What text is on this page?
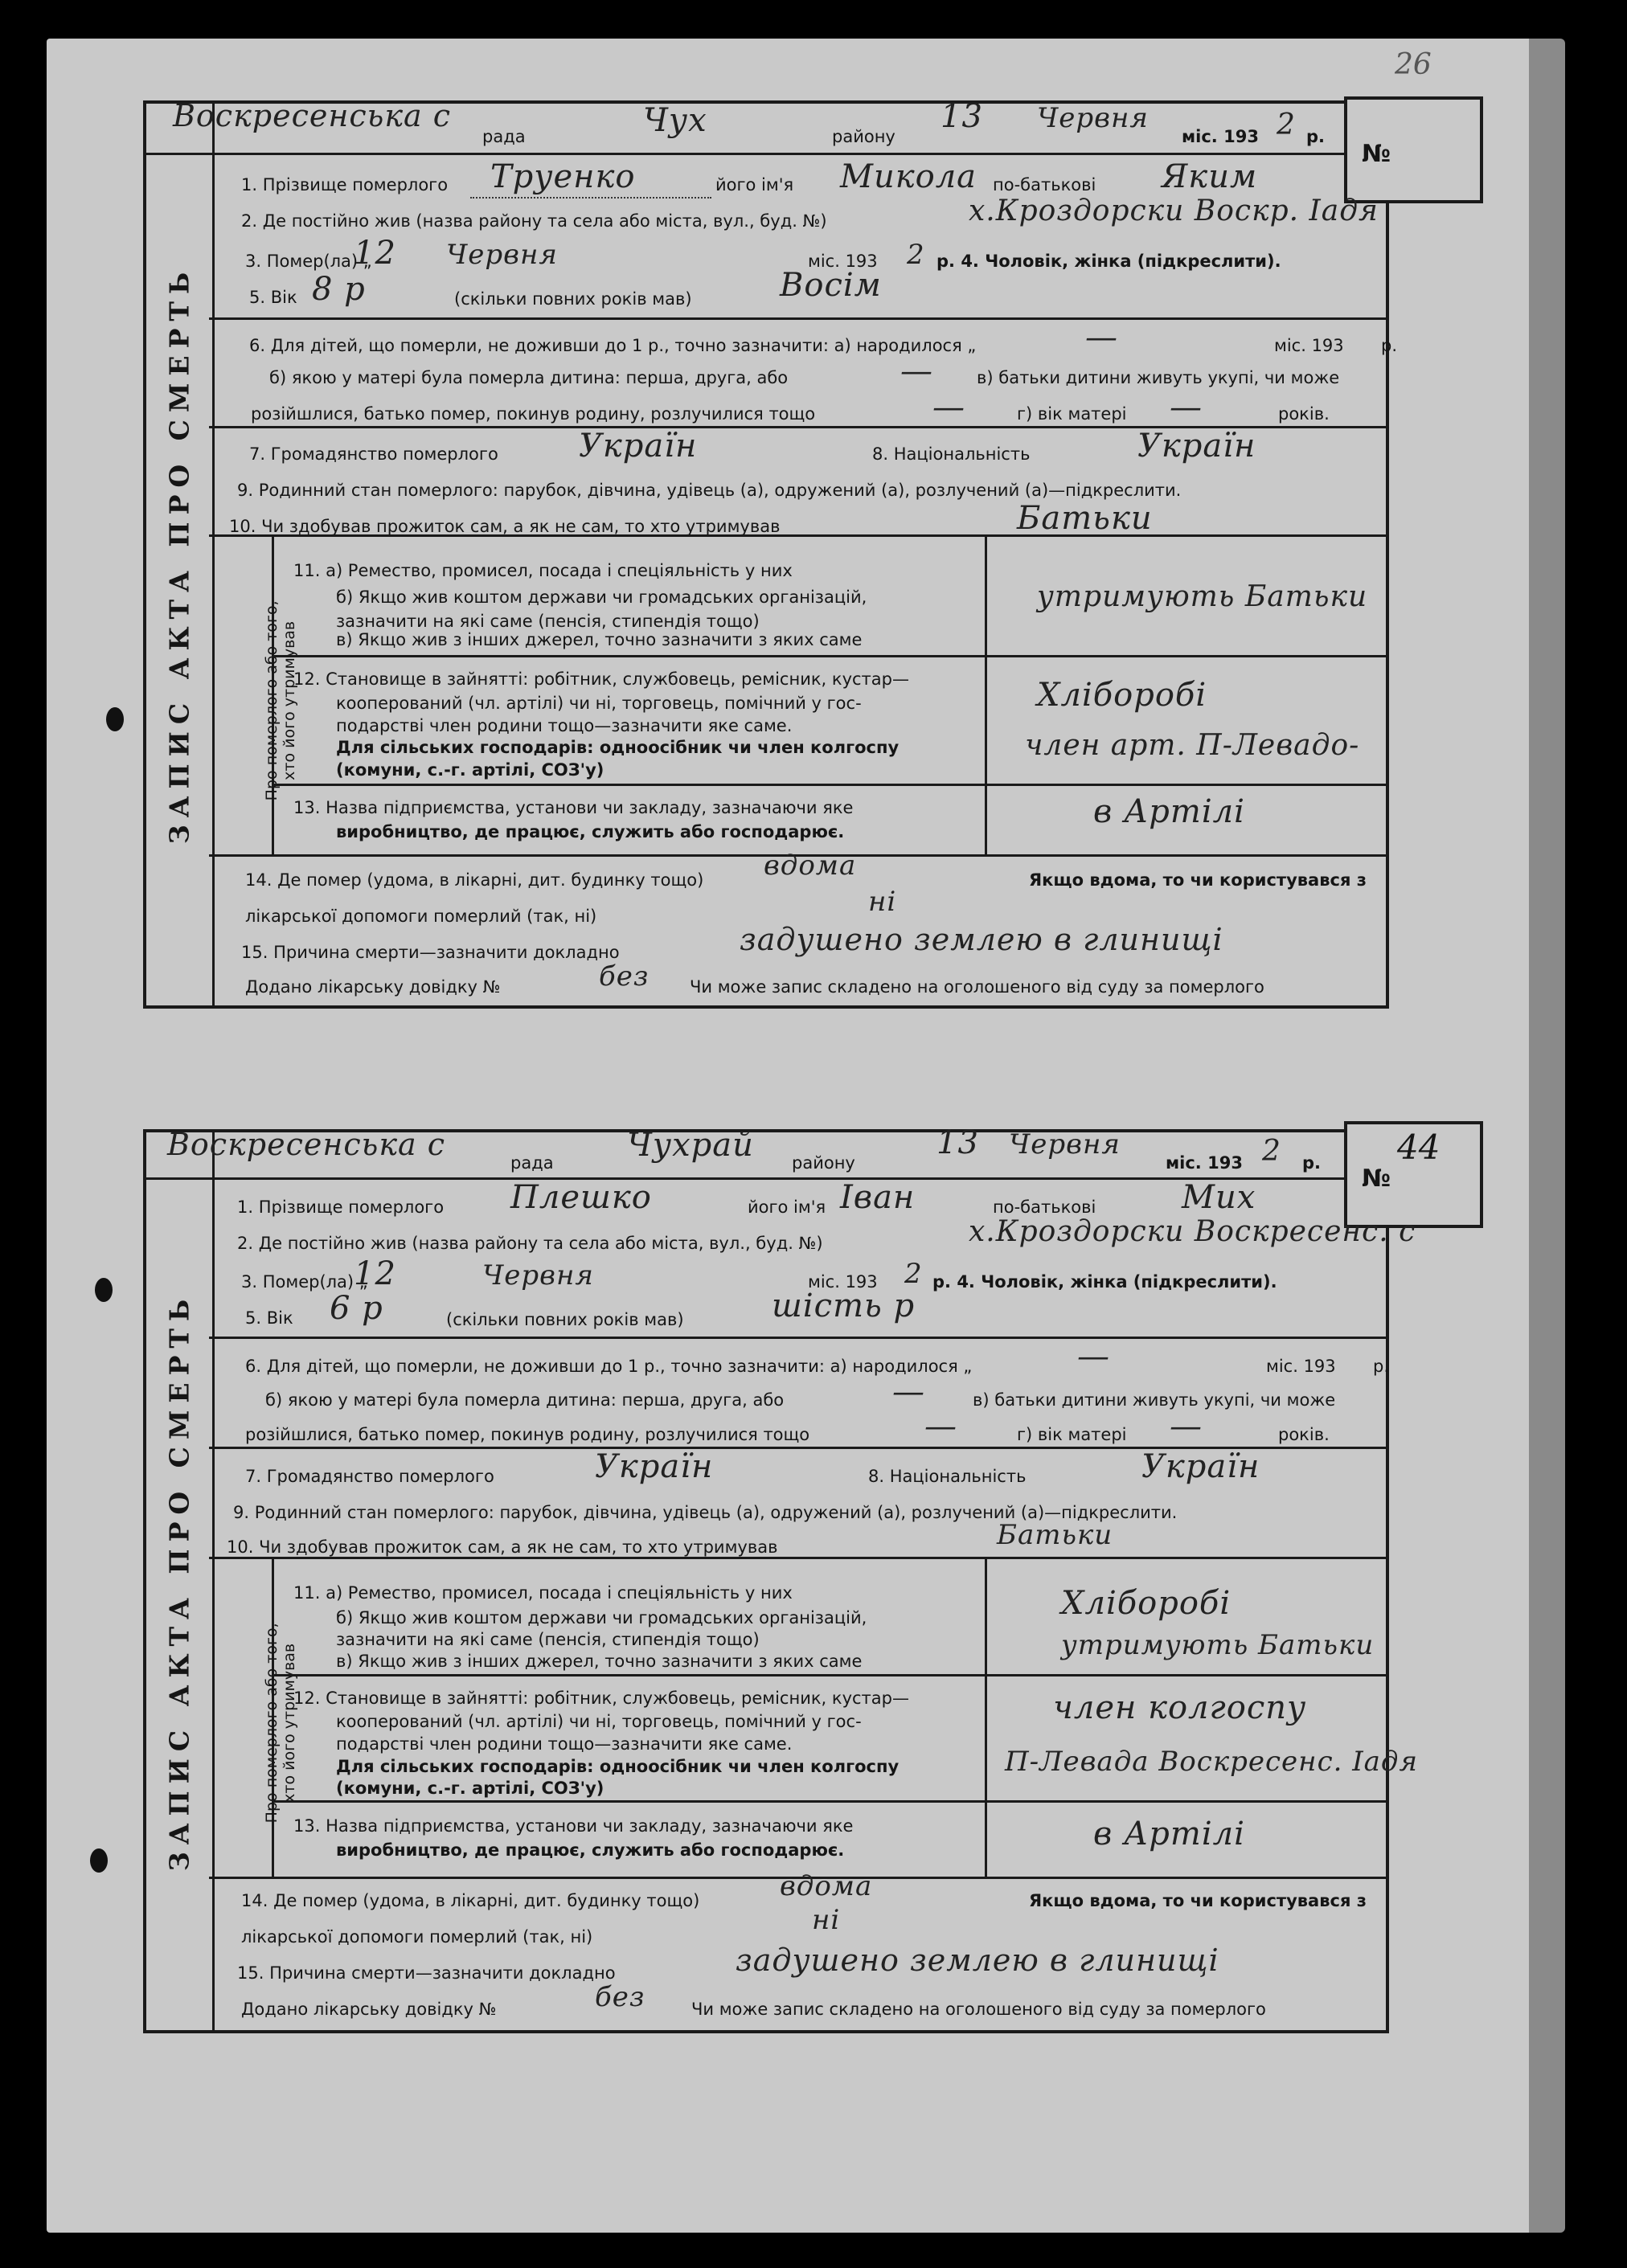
26
ЗАПИС АКТА ПРО СМЕРТЬ
№
Воскресенська с
рада	Чух	району
13 Червня
міс. 193 2 р.
1. Прізвище померлого Труенко	його ім'я Микола по-батькові Яким
2. Де постійно жив (назва району та села або міста, вул., буд. №)	х.Кроздорски Воскр. Іадя
3. Помер(ла) „
12 Червня	міс. 193 2 р. 4. Чоловік, жінка (підкреслити).
5. Вік 8 р	(скільки повних років мав)	Восім
6. Для дітей, що померли, не доживши до 1 р., точно зазначити: а) народилося „	—	міс. 193 р.
б) якою у матері була померла дитина: перша, друга, або	—	в) батьки дитини живуть укупі, чи може
розійшлися, батько помер, покинув родину, розлучилися тощо	—	г) вік матері —	років.
7. Громадянство померлого	Україн	8. Національність	Україн
9. Родинний стан померлого: парубок, дівчина, удівець (а), одружений (а), розлучений (а)—підкреслити.
10. Чи здобував прожиток сам, а як не сам, то хто утримував	Батьки
Про померлого або того,
хто його утримував
11. а) Ремество, промисел, посада і спеціяльність у них
б) Якщо жив коштом держави чи громадських організацій,
зазначити на які саме (пенсія, стипендія тощо)
в) Якщо жив з інших джерел, точно зазначити з яких саме
утримують Батьки
12. Становище в зайнятті: робітник, службовець, ремісник, кустар—
кооперований (чл. артілі) чи ні, торговець, помічний у гос-
подарстві член родини тощо—зазначити яке саме.
Для сільських господарів: одноосібник чи член колгоспу
(комуни, с.-г. артілі, СОЗ'у)
Хліборобі
член арт. П-Левадо-
13. Назва підприємства, установи чи закладу, зазначаючи яке
виробництво, де працює, служить або господарює.
в Артілі
14. Де помер (удома, в лікарні, дит. будинку тощо) вдома	Якщо вдома, то чи користувався з
лікарської допомоги померлий (так, ні)	ні
15. Причина смерти—зазначити докладно	задушено землею в глинищі
Додано лікарську довідку №	без Чи може запис складено на оголошеного від суду за померлого
ЗАПИС АКТА ПРО СМЕРТЬ
№
44
Воскресенська с
рада Чухрай району
13 Червня
міс. 193 2 р.
1. Прізвище померлого Плешко	його ім'я Іван	по-батькові	Мих
2. Де постійно жив (назва району та села або міста, вул., буд. №)	х.Кроздорски Воскресенс. с
3. Помер(ла) „
12	Червня	міс. 193 2 р. 4. Чоловік, жінка (підкреслити).
5. Вік 6 р	(скільки повних років мав)	шість р
6. Для дітей, що померли, не доживши до 1 р., точно зазначити: а) народилося „	—	міс. 193 р.
б) якою у матері була померла дитина: перша, друга, або	—	в) батьки дитини живуть укупі, чи може
розійшлися, батько помер, покинув родину, розлучилися тощо	—	г) вік матері —	років.
7. Громадянство померлого	Україн	8. Національність	Україн
9. Родинний стан померлого: парубок, дівчина, удівець (а), одружений (а), розлучений (а)—підкреслити.
10. Чи здобував прожиток сам, а як не сам, то хто утримував	Батьки
Про померлого або того,
хто його утримував
11. а) Ремество, промисел, посада і спеціяльність у них
б) Якщо жив коштом держави чи громадських організацій,
зазначити на які саме (пенсія, стипендія тощо)
в) Якщо жив з інших джерел, точно зазначити з яких саме
Хліборобі
утримують Батьки
12. Становище в зайнятті: робітник, службовець, ремісник, кустар—
кооперований (чл. артілі) чи ні, торговець, помічний у гос-
подарстві член родини тощо—зазначити яке саме.
Для сільських господарів: одноосібник чи член колгоспу
(комуни, с.-г. артілі, СОЗ'у)
член колгоспу
П-Левада Воскресенс. Іадя
13. Назва підприємства, установи чи закладу, зазначаючи яке
виробництво, де працює, служить або господарює.	в Артілі
14. Де помер (удома, в лікарні, дит. будинку тощо)	вдома	Якщо вдома, то чи користувався з
лікарської допомоги померлий (так, ні)
ні
15. Причина смерти—зазначити докладно	задушено землею в глинищі
Додано лікарську довідку №	без	Чи може запис складено на оголошеного від суду за померлого
